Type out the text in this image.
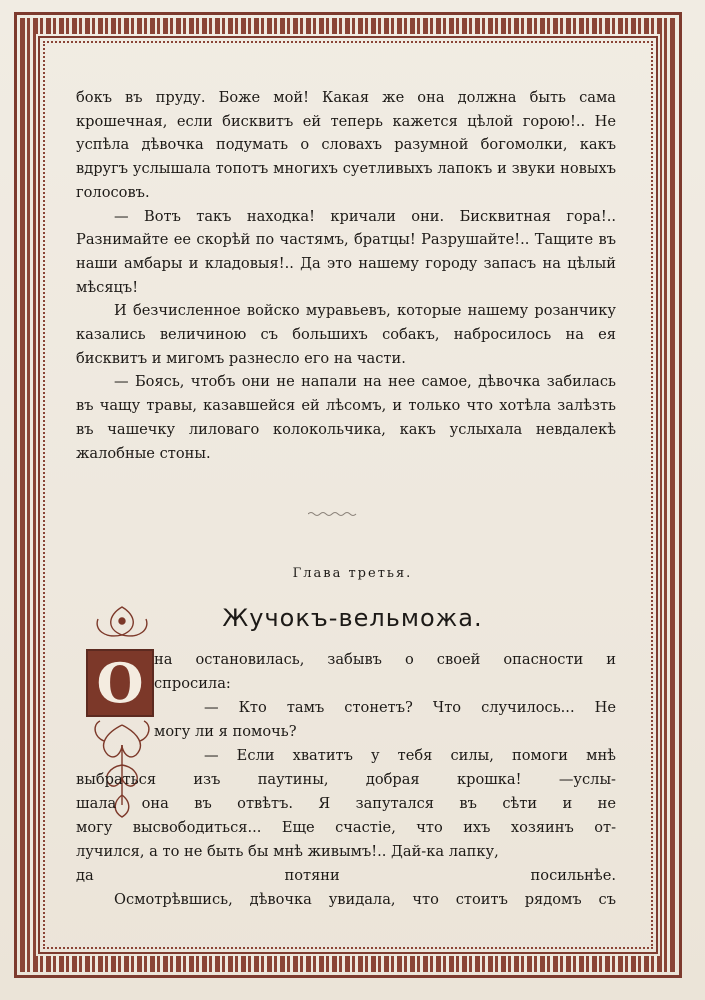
бокъ въ пруду. Боже мой! Какая же она должна быть сама крошечная, если бисквитъ ей теперь кажется цѣлой горою!.. Не успѣла дѣвочка подумать о словахъ разумной богомолки, какъ вдругъ услышала топотъ многихъ суетливыхъ лапокъ и звуки новыхъ голосовъ.

— Вотъ такъ находка! кричали они. Бисквитная гора!.. Разнимайте ее скорѣй по частямъ, братцы! Разрушайте!.. Тащите въ наши амбары и кладовыя!.. Да это нашему городу запасъ на цѣлый мѣсяцъ!

И безчисленное войско муравьевъ, которые нашему розанчику казались величиною съ большихъ собакъ, набросилось на ея бисквитъ и мигомъ разнесло его на части.

— Боясь, чтобъ они не напали на нее самое, дѣвочка забилась въ чащу травы, казавшейся ей лѣсомъ, и только что хотѣла залѣзть въ чашечку лиловаго колокольчика, какъ услыхала невдалекѣ жалобные стоны.

Глава третья.
Жучокъ-вельможа.
О на остановилась, забывъ о своей опасности и
спросила:
— Кто тамъ стонетъ? Что случилось... Не
могу ли я помочь?
— Если хватитъ у тебя силы, помоги мнѣ
выбраться изъ паутины, добрая крошка! —услы-
шала она въ отвѣтъ. Я запутался въ сѣти и не
могу высвободиться... Еще счастіе, что ихъ хозяинъ от-
лучился, а то не быть бы мнѣ живымъ!.. Дай-ка лапку,
да потяни посильнѣе.
Осмотрѣвшись, дѣвочка увидала, что стоитъ рядомъ съ
